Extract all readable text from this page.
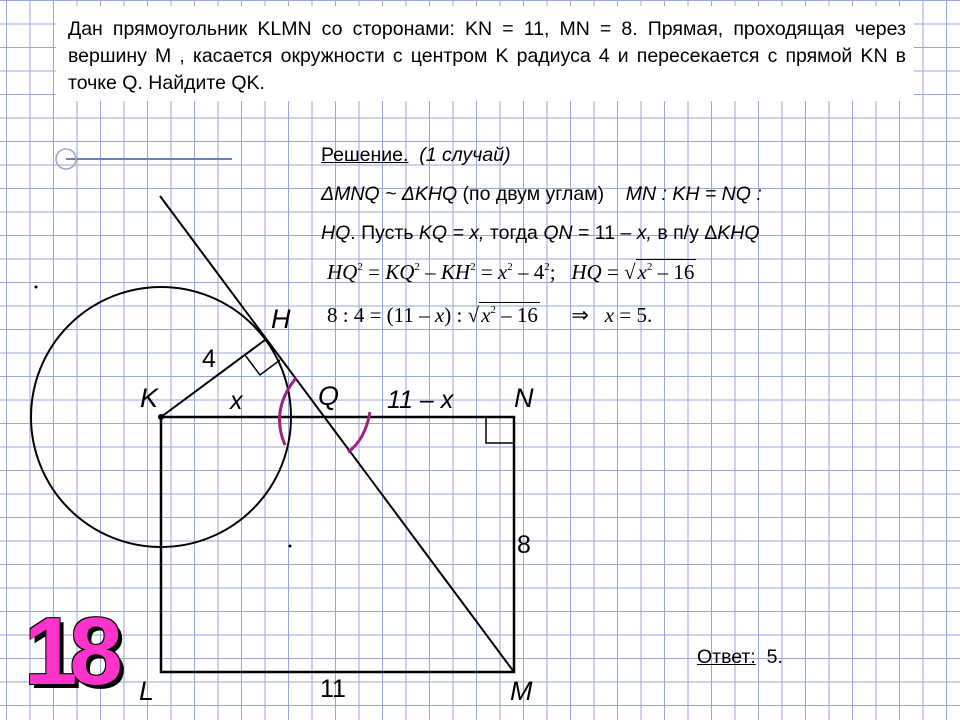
Дан прямоугольник KLMN со сторонами: KN = 11, MN = 8. Прямая, проходящая через вершину M , касается окружности с центром K радиуса 4 и пересекается с прямой KN в точке Q. Найдите QK.
Решение. (1 случай)
ΔMNQ ~ ΔKHQ (по двум углам)    MN : KH = NQ :
HQ. Пусть KQ = x, тогда QN = 11 – x, в п/у ΔKHQ
$HQ^2 = KQ^2 - KH^2 = x^2 - 4^2$; HQ = $√x^2 - 16$
8 : 4 = (11 – x) : $√x^2 - 16$ ⇒ x = 5.
K
L	M
N
Q
H
x	11 – x
4
8
11
Ответ: 5.
18
